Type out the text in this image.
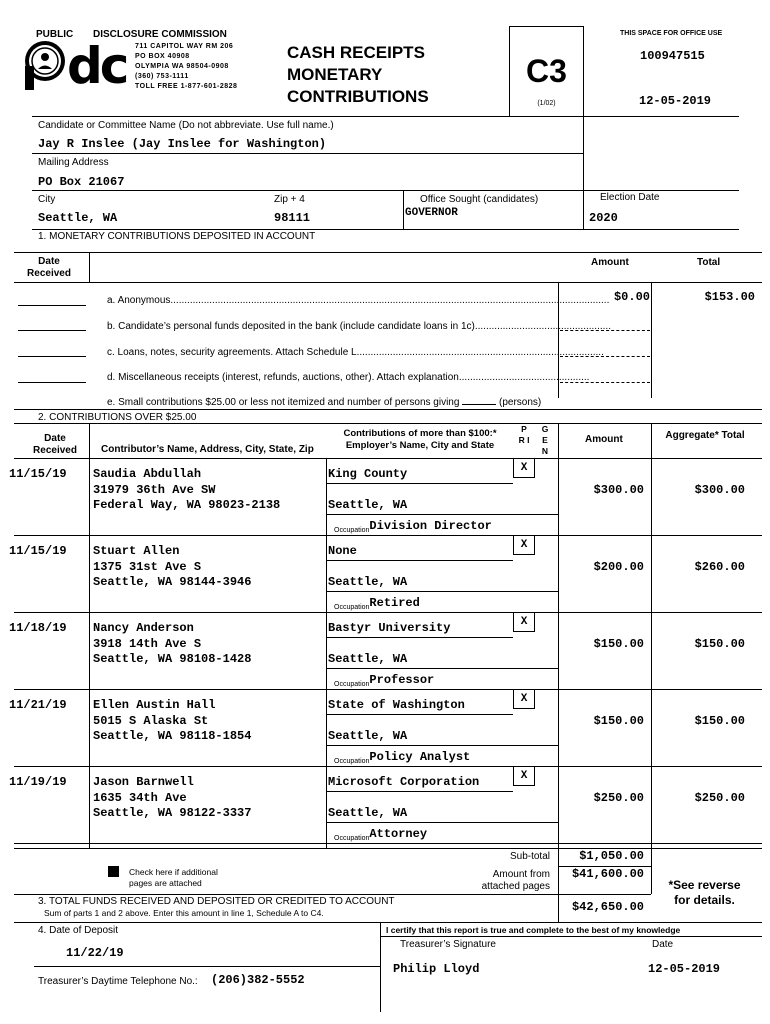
PUBLIC DISCLOSURE COMMISSION
dc 711 CAPITOL WAY RM 206
PO BOX 40908
OLYMPIA WA 98504-0908
(360) 753-1111
TOLL FREE 1-877-601-2828
CASH RECEIPTS
MONETARY
CONTRIBUTIONS
C3
(1/02)
THIS SPACE FOR OFFICE USE
100947515
12-05-2019
Candidate or Committee Name (Do not abbreviate. Use full name.)
Jay R Inslee (Jay Inslee for Washington)
Mailing Address
PO Box 21067
City
Seattle, WA
Zip + 4
98111
Office Sought (candidates)
GOVERNOR
Election Date
2020
1. MONETARY CONTRIBUTIONS DEPOSITED IN ACCOUNT
Date Received
Amount	Total
a. Anonymous.............................................................................................................................................................. $0.00	$153.00
b. Candidate’s personal funds deposited in the bank (include candidate loans in 1c).................................................
c. Loans, notes, security agreements. Attach Schedule L.........................................................................................
d. Miscellaneous receipts (interest, refunds, auctions, other). Attach explanation...............................................
e. Small contributions $25.00 or less not itemized and number of persons giving	(persons)
2. CONTRIBUTIONS OVER $25.00
Date Received	Contributor’s Name, Address, City, State, Zip
Contributions of more than $100:* Employer’s Name, City and State
P R I
G E N
Amount	Aggregate* Total
11/15/19 Saudia Abdullah
31979 36th Ave SW
Federal Way, WA 98023-2138
King County
Seattle, WA
X
OccupationDivision Director
$300.00	$300.00
11/15/19 Stuart Allen
1375 31st Ave S
Seattle, WA 98144-3946
None
Seattle, WA
X
OccupationRetired
$200.00	$260.00
11/18/19 Nancy Anderson
3918 14th Ave S
Seattle, WA 98108-1428
Bastyr University
Seattle, WA
X
OccupationProfessor
$150.00	$150.00
11/21/19 Ellen Austin Hall
5015 S Alaska St
Seattle, WA 98118-1854
State of Washington
Seattle, WA
X
OccupationPolicy Analyst
$150.00	$150.00
11/19/19 Jason Barnwell
1635 34th Ave
Seattle, WA 98122-3337
Microsoft Corporation
Seattle, WA
X
OccupationAttorney
$250.00	$250.00
Check here if additional
pages are attached
Sub-total	$1,050.00
Amount from
attached pages
$41,600.00
*See reverse
for details.
3. TOTAL FUNDS RECEIVED AND DEPOSITED OR CREDITED TO ACCOUNT
Sum of parts 1 and 2 above. Enter this amount in line 1, Schedule A to C4.	$42,650.00
4. Date of Deposit
11/22/19
Treasurer’s Daytime Telephone No.: (206)382-5552
I certify that this report is true and complete to the best of my knowledge
Treasurer’s Signature	Date
Philip Lloyd	12-05-2019
